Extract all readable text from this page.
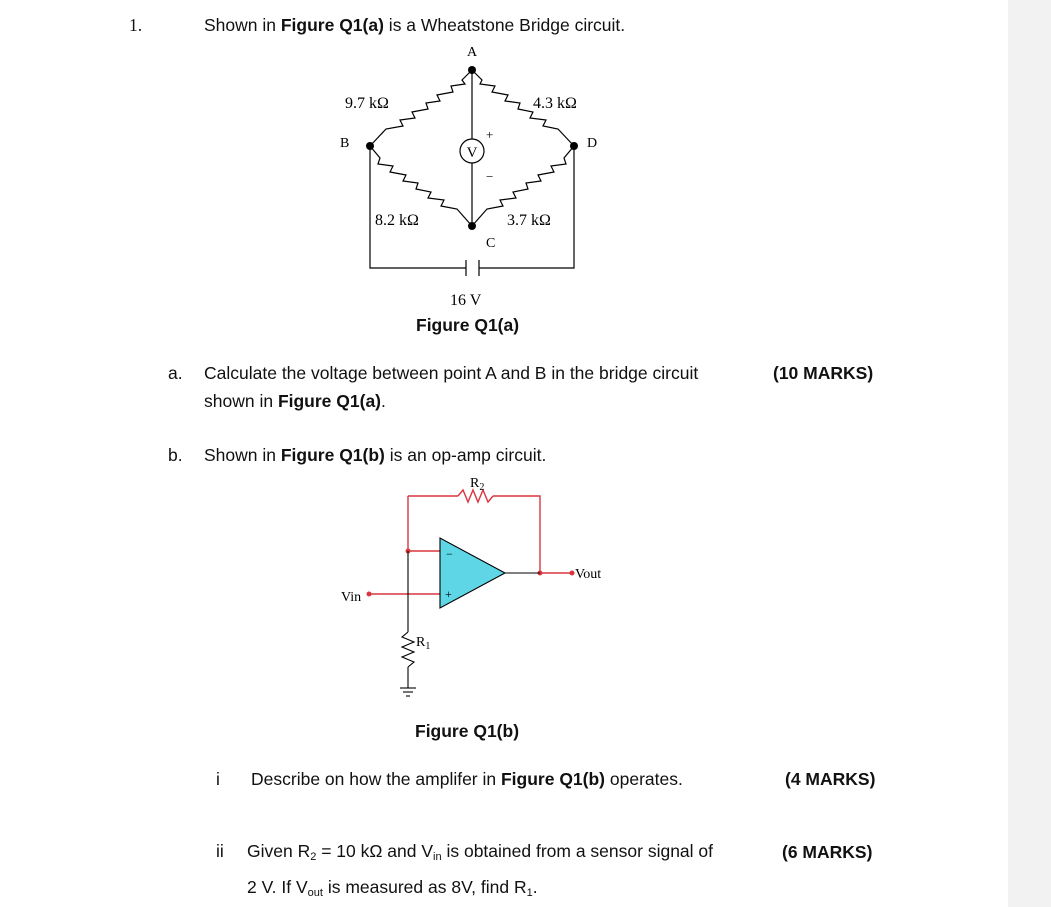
1.	Shown in Figure Q1(a) is a Wheatstone Bridge circuit.
A
B	D
C
9.7 kΩ	4.3 kΩ
8.2 kΩ	3.7 kΩ
V
+
−
16 V
Figure Q1(a)
a. Calculate the voltage between point A and B in the bridge circuit	(10 MARKS)
shown in Figure Q1(a).
b. Shown in Figure Q1(b) is an op-amp circuit.
−
+
$R_2$
$R_1$
Vin
Vout
Figure Q1(b)
i Describe on how the amplifer in Figure Q1(b) operates.	(4 MARKS)
ii Given $R_2 = 10$ kΩ and $V_{in}$ is obtained from a sensor signal of	(6 MARKS)
2 V. If $V_{out}$ is measured as 8V, find $R_1$.
